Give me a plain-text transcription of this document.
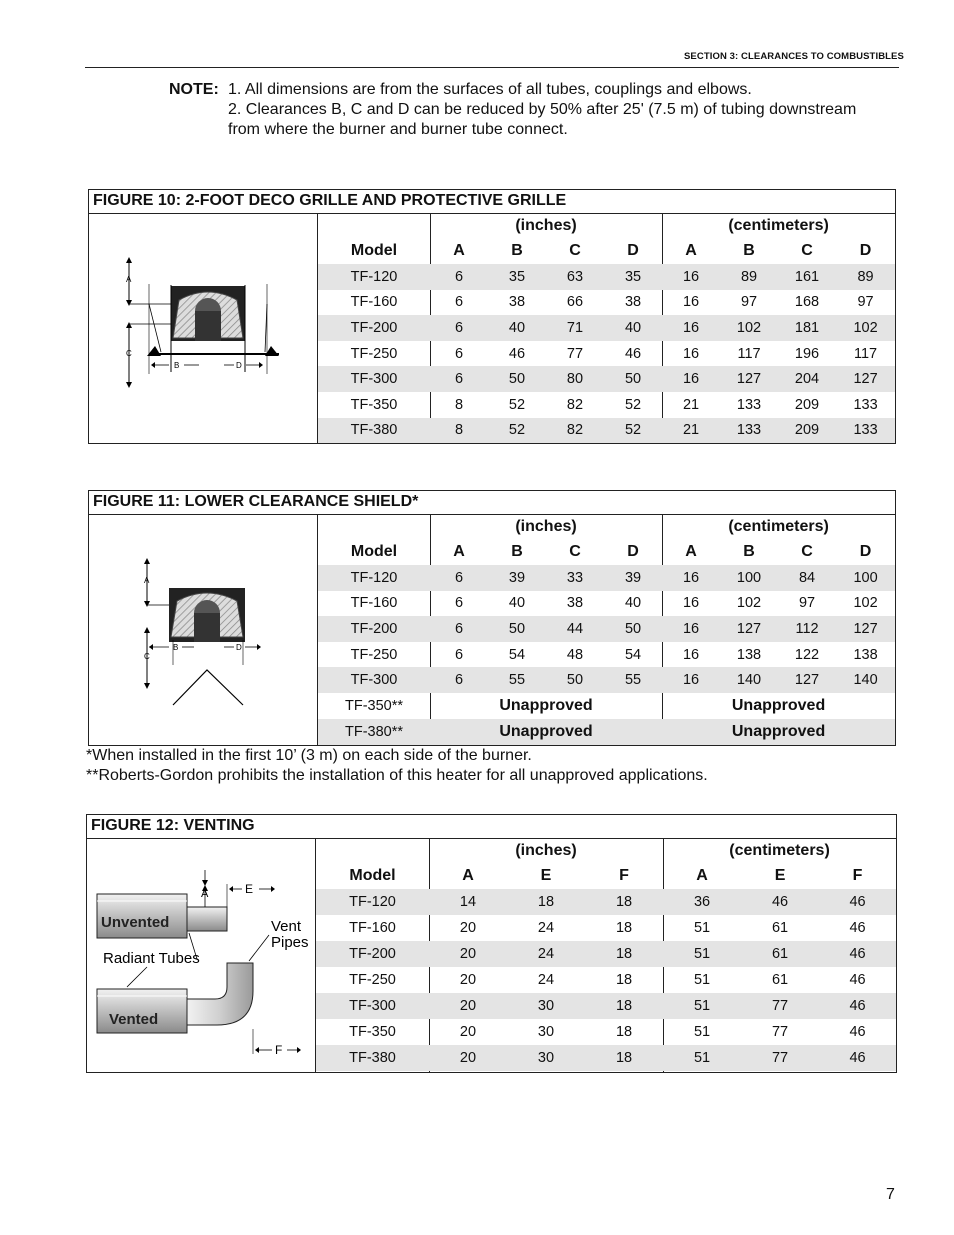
SECTION 3: CLEARANCES TO COMBUSTIBLES
NOTE: 1. All dimensions are from the surfaces of all tubes, couplings and elbows.
2. Clearances B, C and D can be reduced by 50% after 25' (7.5 m) of tubing downstream
from where the burner and burner tube connect.
FIGURE 10: 2-FOOT DECO GRILLE AND PROTECTIVE GRILLE
A
C
B	D
	(inches)				(centimeters)			
Model	A	B	C	D	A	B	C	D
TF-120	6	35	63	35	16	89	161	89
TF-160	6	38	66	38	16	97	168	97
TF-200	6	40	71	40	16	102	181	102
TF-250	6	46	77	46	16	117	196	117
TF-300	6	50	80	50	16	127	204	127
TF-350	8	52	82	52	21	133	209	133
TF-380	8	52	82	52	21	133	209	133
FIGURE 11: LOWER CLEARANCE SHIELD*
A
C
B	D
	(inches)				(centimeters)			
Model	A	B	C	D	A	B	C	D
TF-120	6	39	33	39	16	100	84	100
TF-160	6	40	38	40	16	102	97	102
TF-200	6	50	44	50	16	127	112	127
TF-250	6	54	48	54	16	138	122	138
TF-300	6	55	50	55	16	140	127	140
TF-350**	Unapproved				Unapproved			
TF-380**	Unapproved				Unapproved			
*When installed in the first 10’ (3 m) on each side of the burner.
**Roberts-Gordon prohibits the installation of this heater for all unapproved applications.
FIGURE 12: VENTING
A	E
Unvented	Vent
Pipes
Radiant Tubes
Vented
F
	(inches)			(centimeters)		
Model	A	E	F	A	E	F
TF-120	14	18	18	36	46	46
TF-160	20	24	18	51	61	46
TF-200	20	24	18	51	61	46
TF-250	20	24	18	51	61	46
TF-300	20	30	18	51	77	46
TF-350	20	30	18	51	77	46
TF-380	20	30	18	51	77	46
7
